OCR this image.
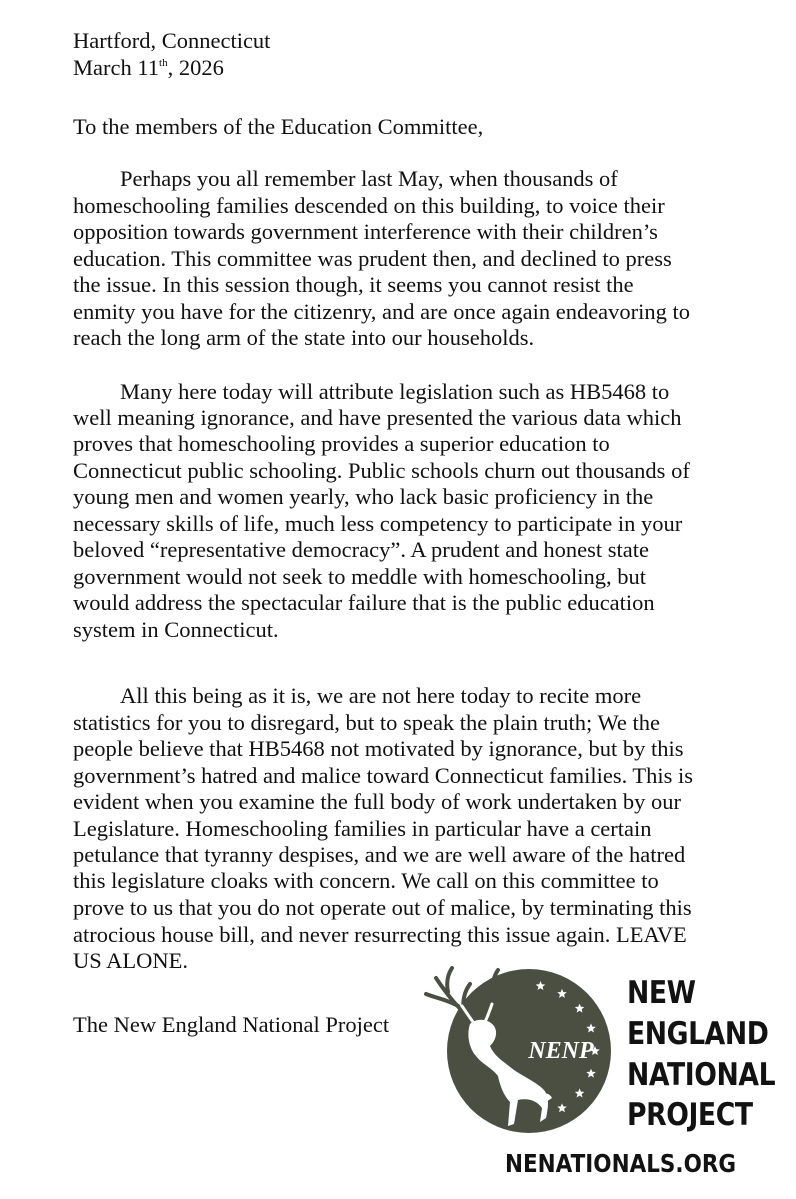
Hartford, Connecticut
March 11th, 2026
To the members of the Education Committee,
Perhaps you all remember last May, when thousands of
homeschooling families descended on this building, to voice their
opposition towards government interference with their children’s
education. This committee was prudent then, and declined to press
the issue. In this session though, it seems you cannot resist the
enmity you have for the citizenry, and are once again endeavoring to
reach the long arm of the state into our households.
Many here today will attribute legislation such as HB5468 to
well meaning ignorance, and have presented the various data which
proves that homeschooling provides a superior education to
Connecticut public schooling. Public schools churn out thousands of
young men and women yearly, who lack basic proficiency in the
necessary skills of life, much less competency to participate in your
beloved “representative democracy”. A prudent and honest state
government would not seek to meddle with homeschooling, but
would address the spectacular failure that is the public education
system in Connecticut.
All this being as it is, we are not here today to recite more
statistics for you to disregard, but to speak the plain truth; We the
people believe that HB5468 not motivated by ignorance, but by this
government’s hatred and malice toward Connecticut families. This is
evident when you examine the full body of work undertaken by our
Legislature. Homeschooling families in particular have a certain
petulance that tyranny despises, and we are well aware of the hatred
this legislature cloaks with concern. We call on this committee to
prove to us that you do not operate out of malice, by terminating this
atrocious house bill, and never resurrecting this issue again. LEAVE
US ALONE.
The New England National Project
NENP
NEW
ENGLAND
NATIONAL
PROJECT
NENATIONALS.ORG
